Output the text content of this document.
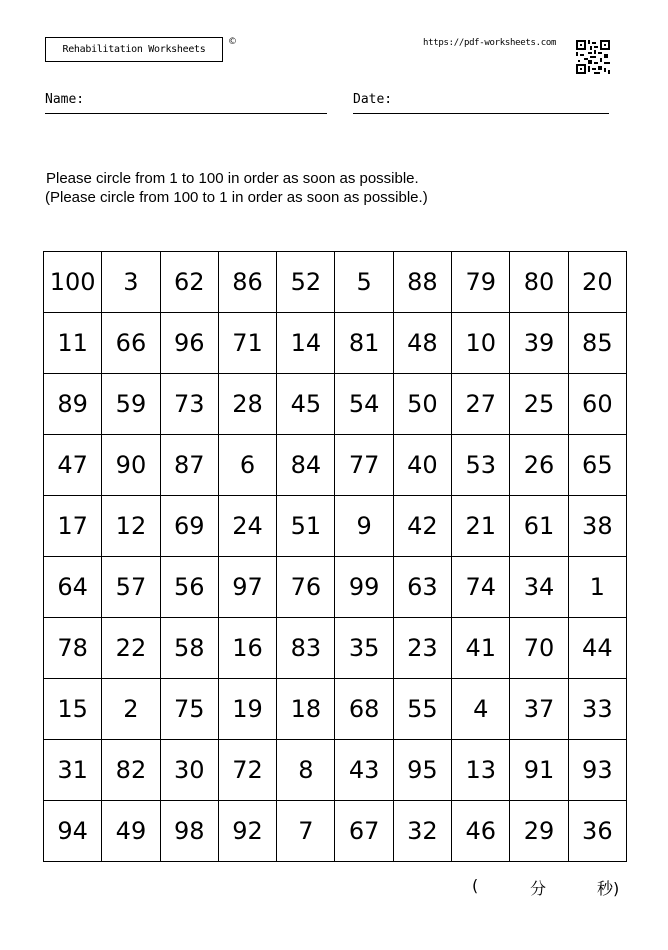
Rehabilitation Worksheets
©	https://pdf-worksheets.com
Name:	Date:
Please circle from 1 to 100 in order as soon as possible.
(Please circle from 100 to 1 in order as soon as possible.)
100	3	62	86	52	5	88	79	80	20
11	66	96	71	14	81	48	10	39	85
89	59	73	28	45	54	50	27	25	60
47	90	87	6	84	77	40	53	26	65
17	12	69	24	51	9	42	21	61	38
64	57	56	97	76	99	63	74	34	1
78	22	58	16	83	35	23	41	70	44
15	2	75	19	18	68	55	4	37	33
31	82	30	72	8	43	95	13	91	93
94	49	98	92	7	67	32	46	29	36
(	分	秒)
